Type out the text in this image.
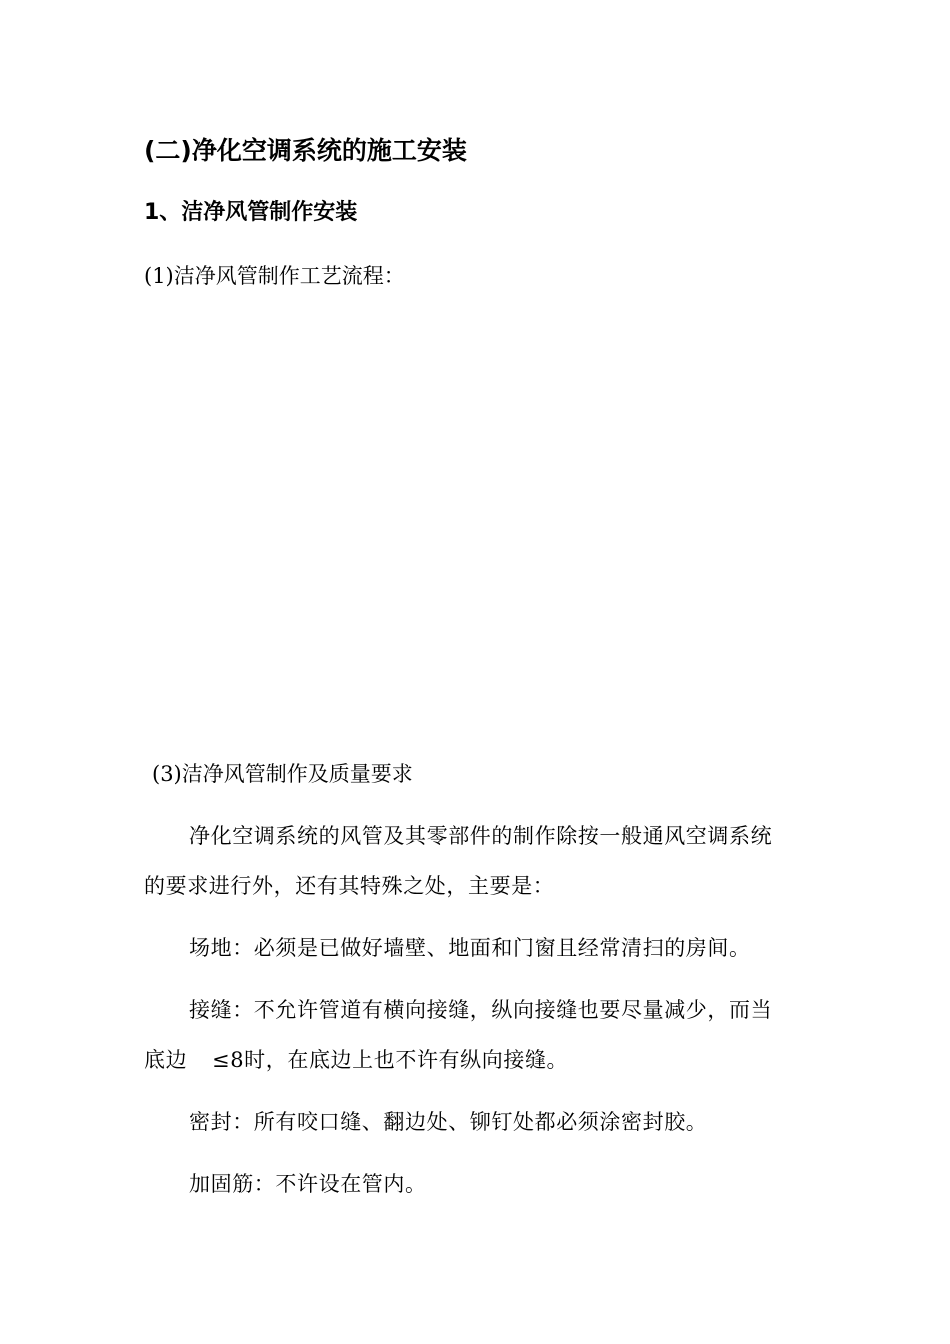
(二)净化空调系统的施工安装
1、洁净风管制作安装
(1)洁净风管制作工艺流程：
(3)洁净风管制作及质量要求
净化空调系统的风管及其零部件的制作除按一般通风空调系统
的要求进行外，还有其特殊之处，主要是：
场地：必须是已做好墙壁、地面和门窗且经常清扫的房间。
接缝：不允许管道有横向接缝，纵向接缝也要尽量减少，而当
底边 ≤8时，在底边上也不许有纵向接缝。
密封：所有咬口缝、翻边处、铆钉处都必须涂密封胶。
加固筋：不许设在管内。
